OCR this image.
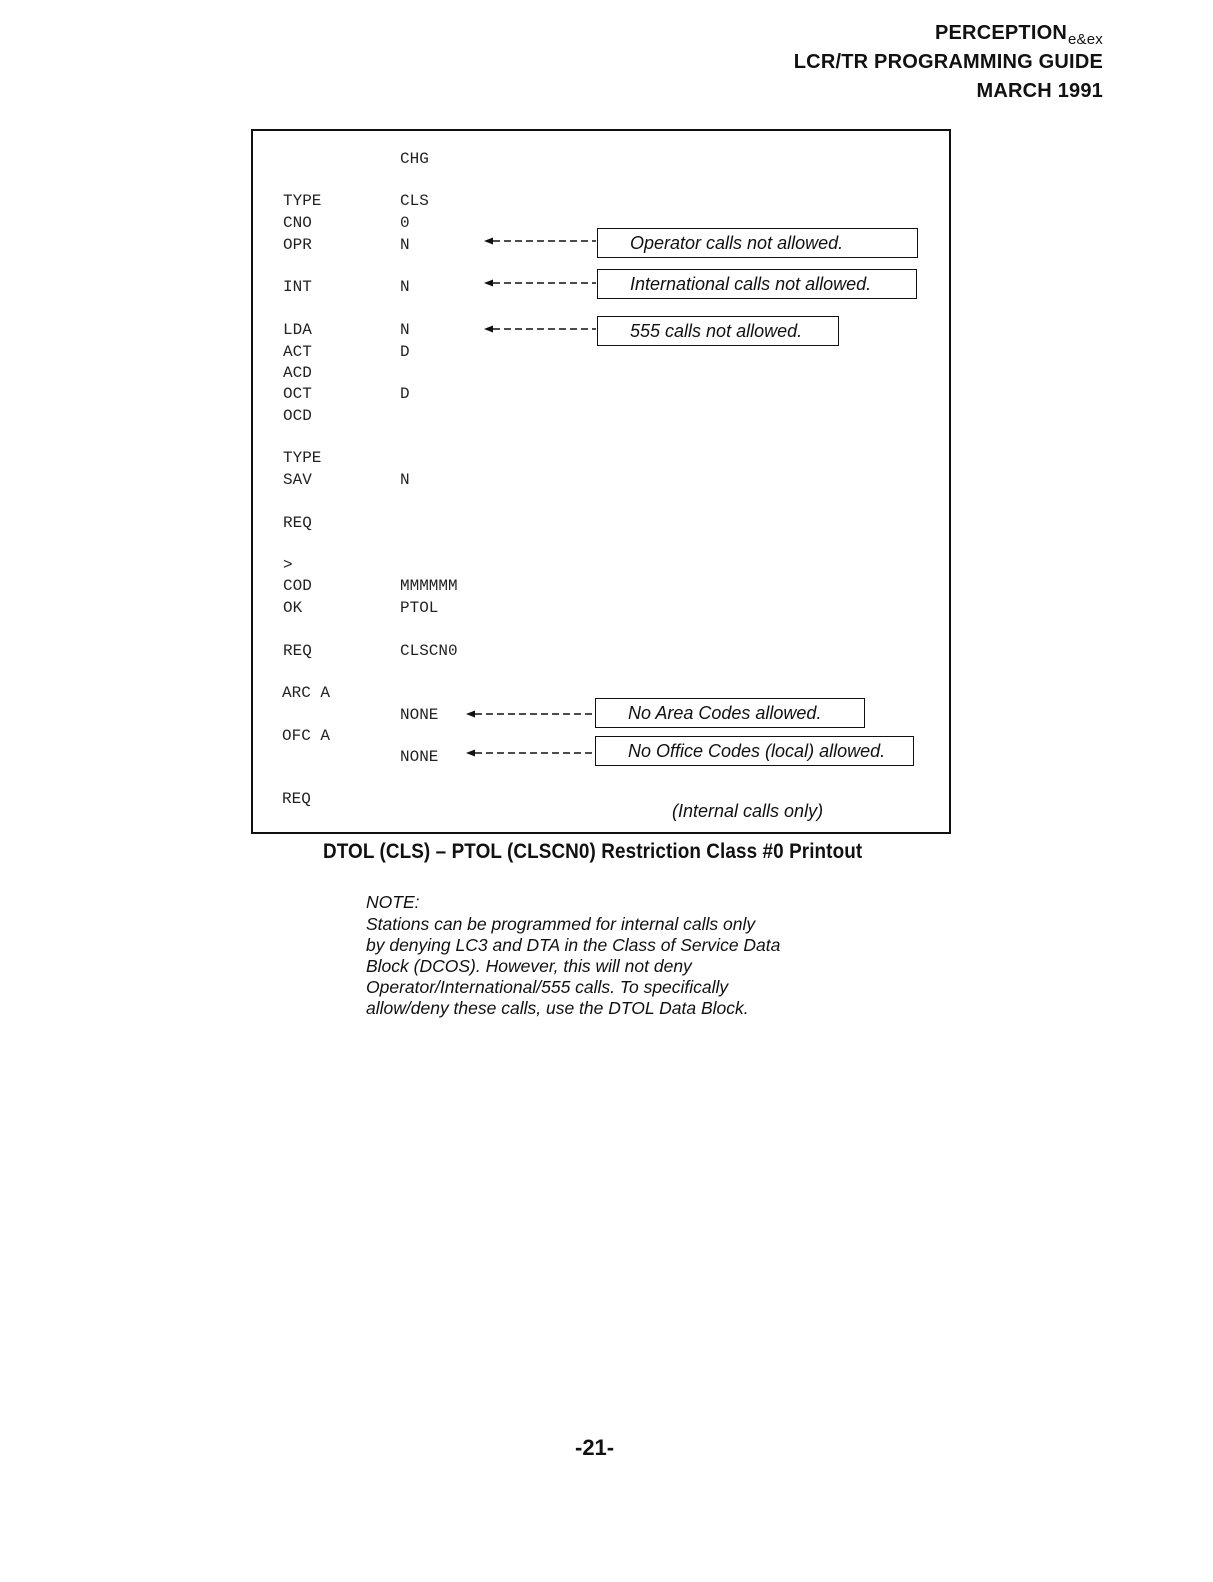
$PERCEPTION_{e\&ex}$
LCR/TR PROGRAMMING GUIDE
MARCH 1991
CHG
TYPE	CLS
CNO	0
OPR	N
INT	N
LDA	N
ACT	D
ACD
OCT	D
OCD
TYPE
SAV	N
REQ
>
COD	MMMMMM
OK	PTOL
REQ	CLSCN0
ARC A
NONE
OFC A
NONE
REQ
Operator calls not allowed.
International calls not allowed.
555 calls not allowed.
No Area Codes allowed.
No Office Codes (local) allowed.
(Internal calls only)
DTOL (CLS) – PTOL (CLSCN0) Restriction Class #0 Printout
NOTE:
Stations can be programmed for internal calls only
by denying LC3 and DTA in the Class of Service Data
Block (DCOS). However, this will not deny
Operator/International/555 calls. To specifically
allow/deny these calls, use the DTOL Data Block.
-21-
